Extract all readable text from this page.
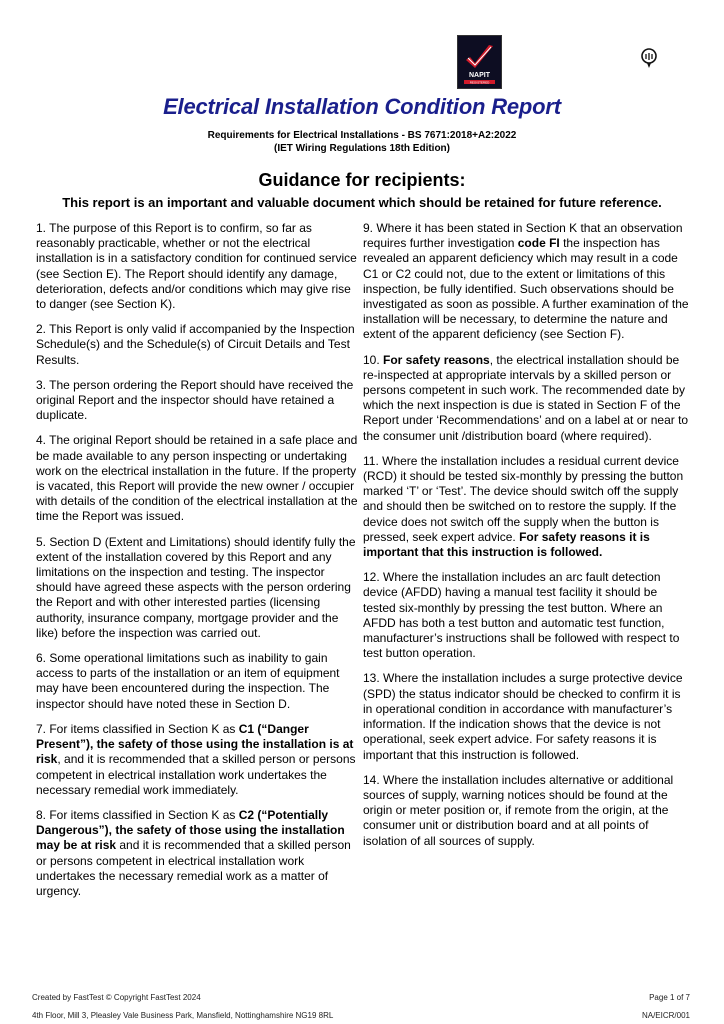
NAPIT
REGISTERED
Electrical Installation Condition Report
Requirements for Electrical Installations - BS 7671:2018+A2:2022
(IET Wiring Regulations 18th Edition)
Guidance for recipients:
This report is an important and valuable document which should be retained for future reference.

1. The purpose of this Report is to confirm, so far as reasonably practicable, whether or not the electrical installation is in a satisfactory condition for continued service (see Section E). The Report should identify any damage, deterioration, defects and/or conditions which may give rise to danger (see Section K).

2. This Report is only valid if accompanied by the Inspection Schedule(s) and the Schedule(s) of Circuit Details and Test Results.

3. The person ordering the Report should have received the original Report and the inspector should have retained a duplicate.

4. The original Report should be retained in a safe place and be made available to any person inspecting or undertaking work on the electrical installation in the future. If the property is vacated, this Report will provide the new owner / occupier with details of the condition of the electrical installation at the time the Report was issued.

5. Section D (Extent and Limitations) should identify fully the extent of the installation covered by this Report and any limitations on the inspection and testing. The inspector should have agreed these aspects with the person ordering the Report and with other interested parties (licensing authority, insurance company, mortgage provider and the like) before the inspection was carried out.

6. Some operational limitations such as inability to gain access to parts of the installation or an item of equipment may have been encountered during the inspection. The inspector should have noted these in Section D.

7. For items classified in Section K as C1 (“Danger Present”), the safety of those using the installation is at risk, and it is recommended that a skilled person or persons competent in electrical installation work undertakes the necessary remedial work immediately.

8. For items classified in Section K as C2 (“Potentially Dangerous”), the safety of those using the installation may be at risk and it is recommended that a skilled person or persons competent in electrical installation work undertakes the necessary remedial work as a matter of urgency.

9. Where it has been stated in Section K that an observation requires further investigation code FI the inspection has revealed an apparent deficiency which may result in a code C1 or C2 could not, due to the extent or limitations of this inspection, be fully identified. Such observations should be investigated as soon as possible. A further examination of the installation will be necessary, to determine the nature and extent of the apparent deficiency (see Section F).

10. For safety reasons, the electrical installation should be re-inspected at appropriate intervals by a skilled person or persons competent in such work. The recommended date by which the next inspection is due is stated in Section F of the Report under ‘Recommendations’ and on a label at or near to the consumer unit /distribution board (where required).

11. Where the installation includes a residual current device (RCD) it should be tested six-monthly by pressing the button marked ‘T’ or ‘Test’. The device should switch off the supply and should then be switched on to restore the supply. If the device does not switch off the supply when the button is pressed, seek expert advice. For safety reasons it is important that this instruction is followed.

12. Where the installation includes an arc fault detection device (AFDD) having a manual test facility it should be tested six-monthly by pressing the test button. Where an AFDD has both a test button and automatic test function, manufacturer’s instructions shall be followed with respect to test button operation.

13. Where the installation includes a surge protective device (SPD) the status indicator should be checked to confirm it is in operational condition in accordance with manufacturer’s information. If the indication shows that the device is not operational, seek expert advice. For safety reasons it is important that this instruction is followed.

14. Where the installation includes alternative or additional sources of supply, warning notices should be found at the origin or meter position or, if remote from the origin, at the consumer unit or distribution board and at all points of isolation of all sources of supply.

Created by FastTest © Copyright FastTest 2024	Page 1 of 7
4th Floor, Mill 3, Pleasley Vale Business Park, Mansfield, Nottinghamshire NG19 8RL	NA/EICR/001
